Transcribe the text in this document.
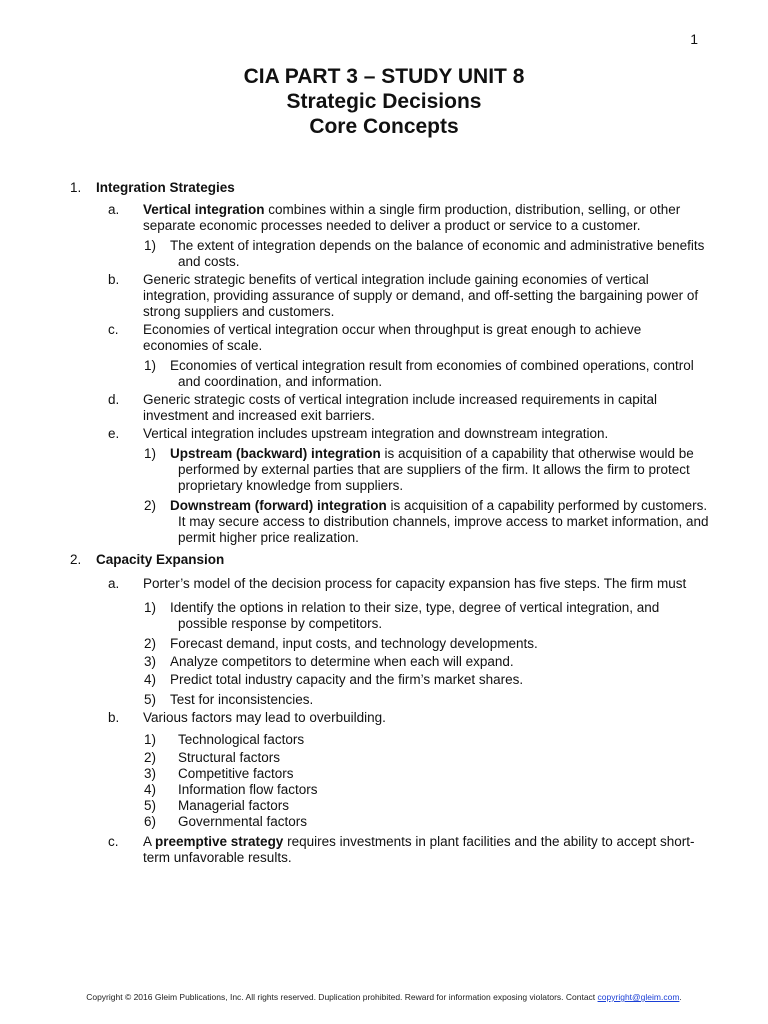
1
CIA PART 3 – STUDY UNIT 8
Strategic Decisions
Core Concepts
1. Integration Strategies
a.	Vertical integration combines within a single firm production, distribution, selling, or other separate economic processes needed to deliver a product or service to a customer.
1) The extent of integration depends on the balance of economic and administrative benefits and costs.
b.	Generic strategic benefits of vertical integration include gaining economies of vertical integration, providing assurance of supply or demand, and off-setting the bargaining power of strong suppliers and customers.
c.	Economies of vertical integration occur when throughput is great enough to achieve economies of scale.
1) Economies of vertical integration result from economies of combined operations, control and coordination, and information.
d.	Generic strategic costs of vertical integration include increased requirements in capital investment and increased exit barriers.
e.	Vertical integration includes upstream integration and downstream integration.
1) Upstream (backward) integration is acquisition of a capability that otherwise would be performed by external parties that are suppliers of the firm. It allows the firm to protect proprietary knowledge from suppliers.
2) Downstream (forward) integration is acquisition of a capability performed by customers. It may secure access to distribution channels, improve access to market information, and permit higher price realization.
2. Capacity Expansion
a.	Porter’s model of the decision process for capacity expansion has five steps. The firm must
1) Identify the options in relation to their size, type, degree of vertical integration, and possible response by competitors.
2) Forecast demand, input costs, and technology developments.
3) Analyze competitors to determine when each will expand.
4) Predict total industry capacity and the firm’s market shares.
5) Test for inconsistencies.
b.	Various factors may lead to overbuilding.
1) Technological factors
2) Structural factors
3) Competitive factors
4) Information flow factors
5) Managerial factors
6) Governmental factors
c.	A preemptive strategy requires investments in plant facilities and the ability to accept short-term unfavorable results.
Copyright © 2016 Gleim Publications, Inc. All rights reserved. Duplication prohibited. Reward for information exposing violators. Contact copyright@gleim.com.
